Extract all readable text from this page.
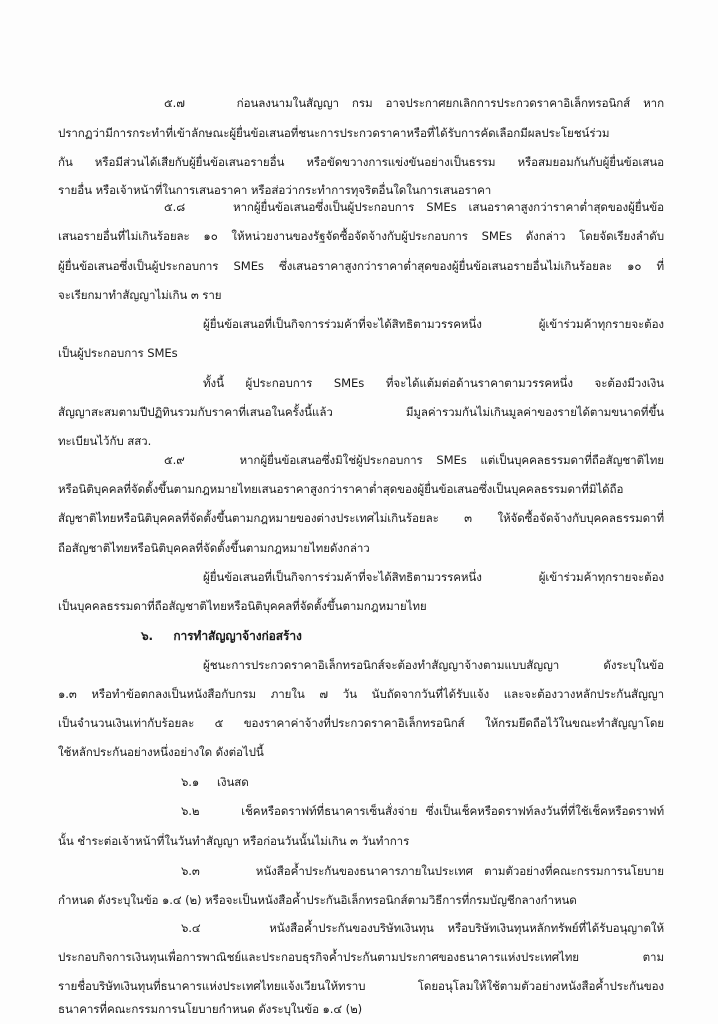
๕.๗    ก่อนลงนามในสัญญา กรม อาจประกาศยกเลิกการประกวดราคาอิเล็กทรอนิกส์ หาก
ปรากฏว่ามีการกระทำที่เข้าลักษณะผู้ยื่นข้อเสนอที่ชนะการประกวดราคาหรือที่ได้รับการคัดเลือกมีผลประโยชน์ร่วม
กัน หรือมีส่วนได้เสียกับผู้ยื่นข้อเสนอรายอื่น หรือขัดขวางการแข่งขันอย่างเป็นธรรม หรือสมยอมกันกับผู้ยื่นข้อเสนอ
รายอื่น หรือเจ้าหน้าที่ในการเสนอราคา หรือส่อว่ากระทำการทุจริตอื่นใดในการเสนอราคา
๕.๘    หากผู้ยื่นข้อเสนอซึ่งเป็นผู้ประกอบการ SMEs เสนอราคาสูงกว่าราคาต่ำสุดของผู้ยื่นข้อ
เสนอรายอื่นที่ไม่เกินร้อยละ ๑๐ ให้หน่วยงานของรัฐจัดซื้อจัดจ้างกับผู้ประกอบการ SMEs ดังกล่าว โดยจัดเรียงลำดับ
ผู้ยื่นข้อเสนอซึ่งเป็นผู้ประกอบการ SMEs ซึ่งเสนอราคาสูงกว่าราคาต่ำสุดของผู้ยื่นข้อเสนอรายอื่นไม่เกินร้อยละ ๑๐ ที่
จะเรียกมาทำสัญญาไม่เกิน ๓ ราย
ผู้ยื่นข้อเสนอที่เป็นกิจการร่วมค้าที่จะได้สิทธิตามวรรคหนึ่ง ผู้เข้าร่วมค้าทุกรายจะต้อง
เป็นผู้ประกอบการ SMEs
ทั้งนี้ ผู้ประกอบการ SMEs ที่จะได้แต้มต่อด้านราคาตามวรรคหนึ่ง จะต้องมีวงเงิน
สัญญาสะสมตามปีปฏิทินรวมกับราคาที่เสนอในครั้งนี้แล้ว มีมูลค่ารวมกันไม่เกินมูลค่าของรายได้ตามขนาดที่ขึ้น
ทะเบียนไว้กับ สสว.
๕.๙    หากผู้ยื่นข้อเสนอซึ่งมิใช่ผู้ประกอบการ SMEs แต่เป็นบุคคลธรรมดาที่ถือสัญชาติไทย
หรือนิติบุคคลที่จัดตั้งขึ้นตามกฎหมายไทยเสนอราคาสูงกว่าราคาต่ำสุดของผู้ยื่นข้อเสนอซึ่งเป็นบุคคลธรรมดาที่มิได้ถือ
สัญชาติไทยหรือนิติบุคคลที่จัดตั้งขึ้นตามกฎหมายของต่างประเทศไม่เกินร้อยละ ๓ ให้จัดซื้อจัดจ้างกับบุคคลธรรมดาที่
ถือสัญชาติไทยหรือนิติบุคคลที่จัดตั้งขึ้นตามกฎหมายไทยดังกล่าว
ผู้ยื่นข้อเสนอที่เป็นกิจการร่วมค้าที่จะได้สิทธิตามวรรคหนึ่ง ผู้เข้าร่วมค้าทุกรายจะต้อง
เป็นบุคคลธรรมดาที่ถือสัญชาติไทยหรือนิติบุคคลที่จัดตั้งขึ้นตามกฎหมายไทย
๖.     การทำสัญญาจ้างก่อสร้าง
ผู้ชนะการประกวดราคาอิเล็กทรอนิกส์จะต้องทำสัญญาจ้างตามแบบสัญญา ดังระบุในข้อ
๑.๓ หรือทำข้อตกลงเป็นหนังสือกับกรม ภายใน ๗ วัน นับถัดจากวันที่ได้รับแจ้ง และจะต้องวางหลักประกันสัญญา
เป็นจำนวนเงินเท่ากับร้อยละ ๕ ของราคาค่าจ้างที่ประกวดราคาอิเล็กทรอนิกส์ ให้กรมยึดถือไว้ในขณะทำสัญญาโดย
ใช้หลักประกันอย่างหนึ่งอย่างใด ดังต่อไปนี้
๖.๑     เงินสด
๖.๒     เช็คหรือดราฟท์ที่ธนาคารเซ็นสั่งจ่าย ซึ่งเป็นเช็คหรือดราฟท์ลงวันที่ที่ใช้เช็คหรือดราฟท์
นั้น ชำระต่อเจ้าหน้าที่ในวันทำสัญญา หรือก่อนวันนั้นไม่เกิน ๓ วันทำการ
๖.๓     หนังสือค้ำประกันของธนาคารภายในประเทศ ตามตัวอย่างที่คณะกรรมการนโยบาย
กำหนด ดังระบุในข้อ ๑.๔ (๒) หรือจะเป็นหนังสือค้ำประกันอิเล็กทรอนิกส์ตามวิธีการที่กรมบัญชีกลางกำหนด
๖.๔     หนังสือค้ำประกันของบริษัทเงินทุน หรือบริษัทเงินทุนหลักทรัพย์ที่ได้รับอนุญาตให้
ประกอบกิจการเงินทุนเพื่อการพาณิชย์และประกอบธุรกิจค้ำประกันตามประกาศของธนาคารแห่งประเทศไทย ตาม
รายชื่อบริษัทเงินทุนที่ธนาคารแห่งประเทศไทยแจ้งเวียนให้ทราบ โดยอนุโลมให้ใช้ตามตัวอย่างหนังสือค้ำประกันของ
ธนาคารที่คณะกรรมการนโยบายกำหนด ดังระบุในข้อ ๑.๔ (๒)
